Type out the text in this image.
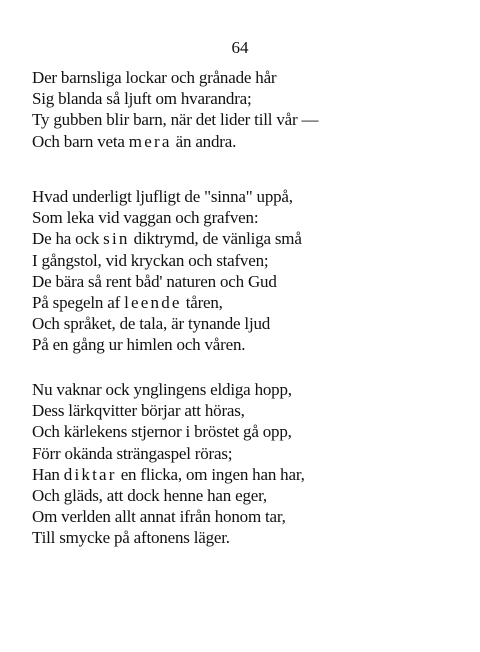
64
Der barnsliga lockar och grånade hår
Sig blanda så ljuft om hvarandra;
Ty gubben blir barn, när det lider till vår —
Och barn veta mera än andra.
Hvad underligt ljufligt de "sinna" uppå,
Som leka vid vaggan och grafven:
De ha ock sin diktrymd, de vänliga små
I gångstol, vid kryckan och stafven;
De bära så rent båd' naturen och Gud
På spegeln af leende tåren,
Och språket, de tala, är tynande ljud
På en gång ur himlen och våren.
Nu vaknar ock ynglingens eldiga hopp,
Dess lärkqvitter börjar att höras,
Och kärlekens stjernor i bröstet gå opp,
Förr okända strängaspel röras;
Han diktar en flicka, om ingen han har,
Och gläds, att dock henne han eger,
Om verlden allt annat ifrån honom tar,
Till smycke på aftonens läger.
